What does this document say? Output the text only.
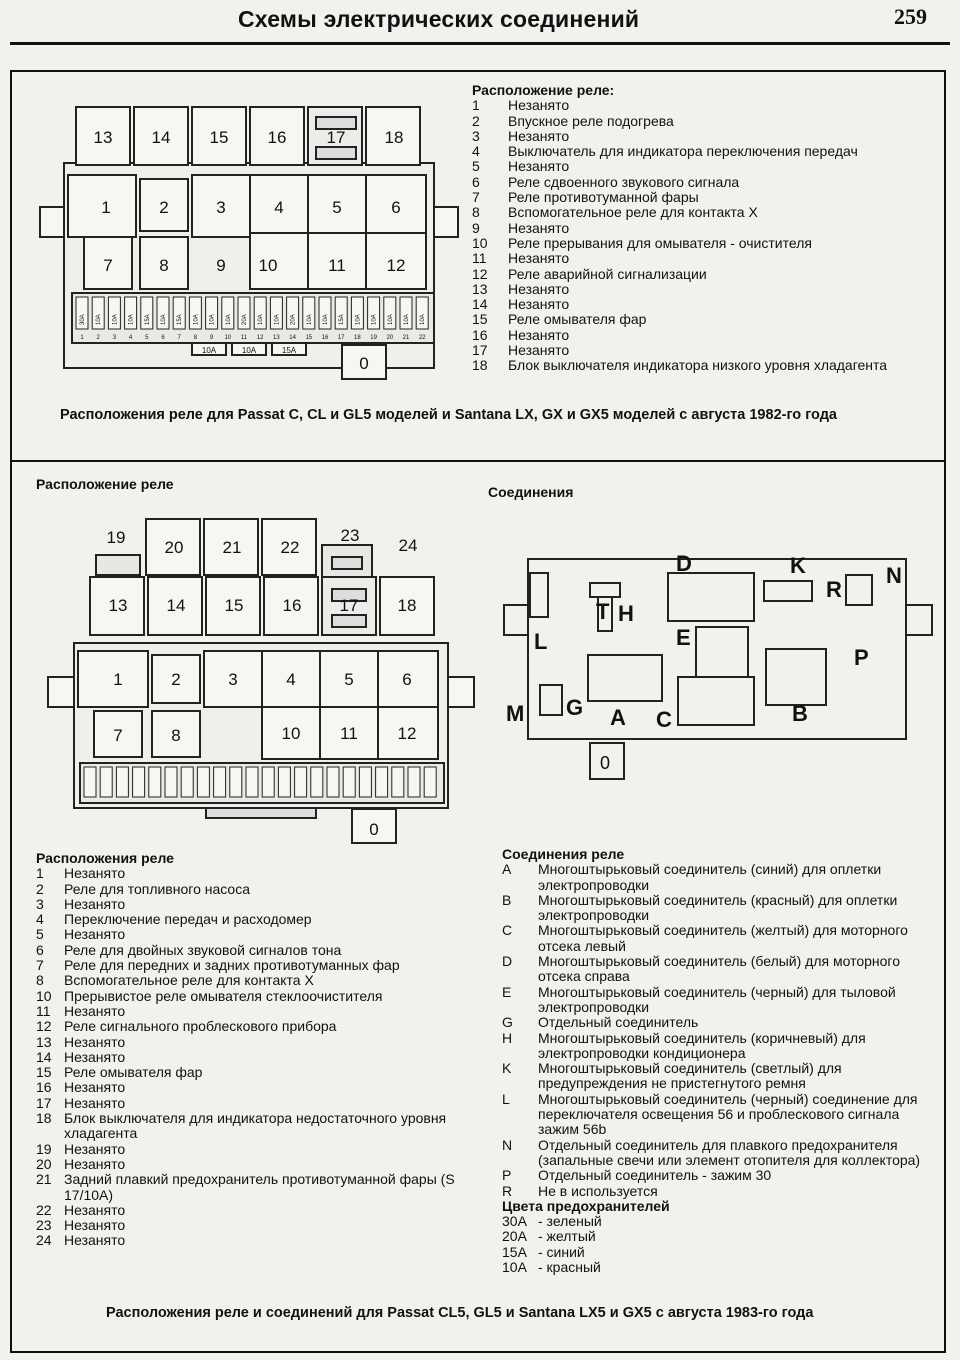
Схемы электрических соединений	259
30A
1
10A
2
10A
3
10A
4
15A
5
10A
6
15A
7
10A
8
10A
9
10A
10
20A
11
10A
12
10A
13
20A
14
10A
15
10A
16
15A
17
10A
18
10A
19
10A
20
10A
21
10A
22
13 14 15 16 17 18
1	2	3	4	5	6
7	8	9 10	11 12
0
10A	10A	15A
Расположение реле:
1	Незанято
2	Впускное реле подогрева
3	Незанято
4	Выключатель для индикатора переключения передач
5	Незанято
6	Реле сдвоенного звукового сигнала
7	Реле противотуманной фары
8	Вспомогательное реле для контакта X
9	Незанято
10	Реле прерывания для омывателя - очистителя
11	Незанято
12	Реле аварийной сигнализации
13	Незанято
14	Незанято
15	Реле омывателя фар
16	Незанято
17	Незанято
18	Блок выключателя индикатора низкого уровня хладагента
Расположения реле для Passat C, CL и GL5 моделей и Santana LX, GX и GX5 моделей с августа 1982-го года
Расположение реле	Соединения
19
20 21 22
23
24
13 14 15 16 17 18
1	2	3	4	5	6
7	8	10 11 12
0
D	K
R
N
T H
L	E
P
M G A C	B
0
Расположения реле
1	Незанято
2	Реле для топливного насоса
3	Незанято
4	Переключение передач и расходомер
5	Незанято
6	Реле для двойных звуковой сигналов тона
7	Реле для передних и задних противотуманных фар
8	Вспомогательное реле для контакта X
10 Прерывистое реле омывателя стеклоочистителя
11 Незанято
12 Реле сигнального проблескового прибора
13 Незанято
14 Незанято
15 Реле омывателя фар
16 Незанято
17 Незанято
18 Блок выключателя для индикатора недостаточного уровня хладагента
19 Незанято
20 Незанято
21 Задний плавкий предохранитель противотуманной фары (S 17/10A)
22 Незанято
23 Незанято
24 Незанято
Соединения реле
A	Многоштырьковый соединитель (синий) для оплетки электропроводки
B	Многоштырьковый соединитель (красный) для оплетки электропроводки
C	Многоштырьковый соединитель (желтый) для моторного отсека левый
D	Многоштырьковый соединитель (белый) для моторного отсека справа
E	Многоштырьковый соединитель (черный) для тыловой электропроводки
G	Отдельный соединитель
H	Многоштырьковый соединитель (коричневый) для электропроводки кондиционера
K	Многоштырьковый соединитель (светлый) для предупреждения не пристегнутого ремня
L	Многоштырьковый соединитель (черный) соединение для переключателя освещения 56 и проблескового сигнала зажим 56b
N	Отдельный соединитель для плавкого предохранителя (запальные свечи или элемент отопителя для коллектора)
P	Отдельный соединитель - зажим 30
R	Не в используется
Цвета предохранителей
30A - зеленый
20A - желтый
15A - синий
10A - красный
Расположения реле и соединений для Passat CL5, GL5 и Santana LX5 и GX5 с августа 1983-го года
